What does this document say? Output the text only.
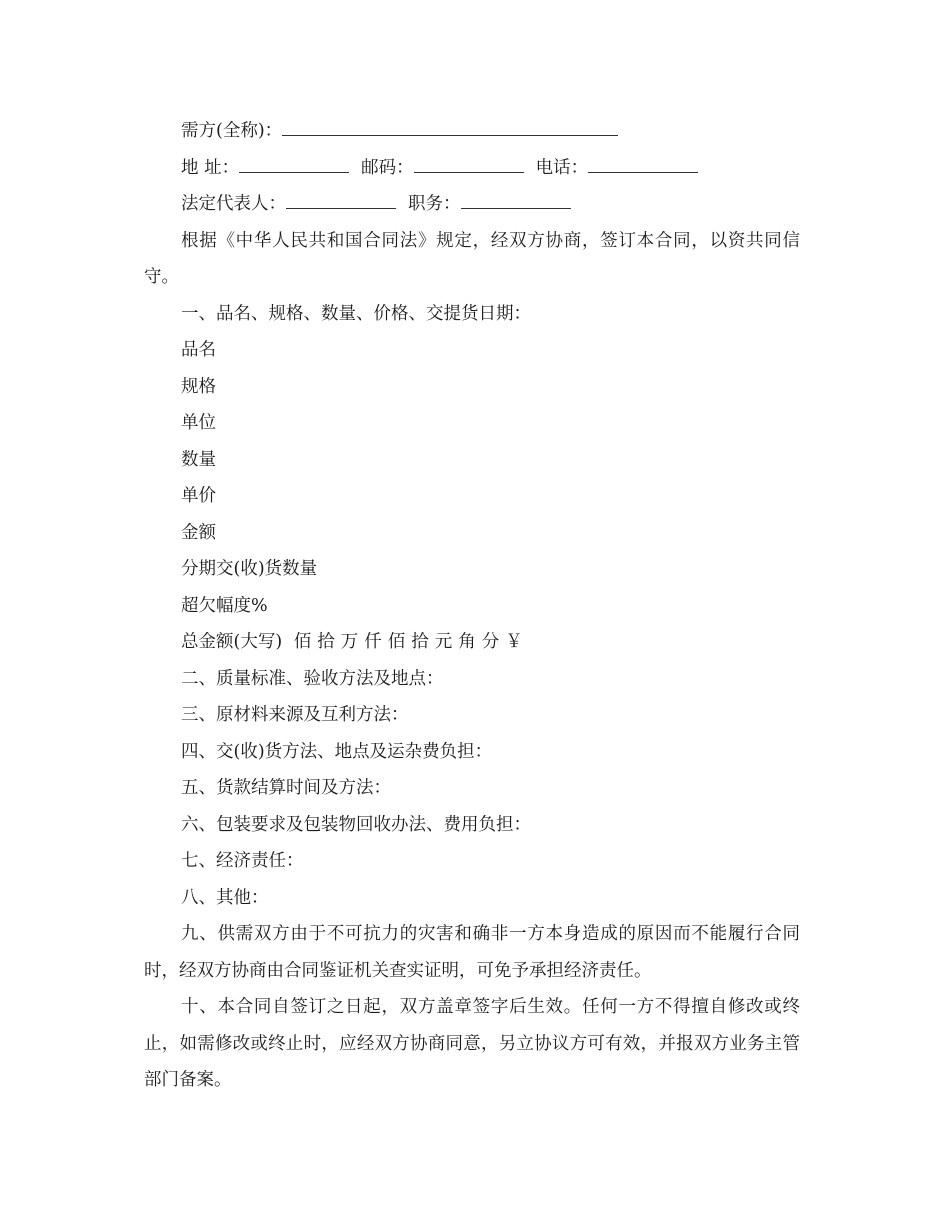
需方(全称)：
地 址：	邮码：	电话：
法定代表人：	职务：
根据《中华人民共和国合同法》规定，经双方协商，签订本合同，以资共同信守。
一、品名、规格、数量、价格、交提货日期：
品名
规格
单位
数量
单价
金额
分期交(收)货数量
超欠幅度%
总金额(大写) 佰 拾 万 仟 佰 拾 元 角 分 ￥
二、质量标准、验收方法及地点：
三、原材料来源及互利方法：
四、交(收)货方法、地点及运杂费负担：
五、货款结算时间及方法：
六、包装要求及包装物回收办法、费用负担：
七、经济责任：
八、其他：
九、供需双方由于不可抗力的灾害和确非一方本身造成的原因而不能履行合同时，经双方协商由合同鉴证机关查实证明，可免予承担经济责任。
十、本合同自签订之日起，双方盖章签字后生效。任何一方不得擅自修改或终止，如需修改或终止时，应经双方协商同意，另立协议方可有效，并报双方业务主管部门备案。
